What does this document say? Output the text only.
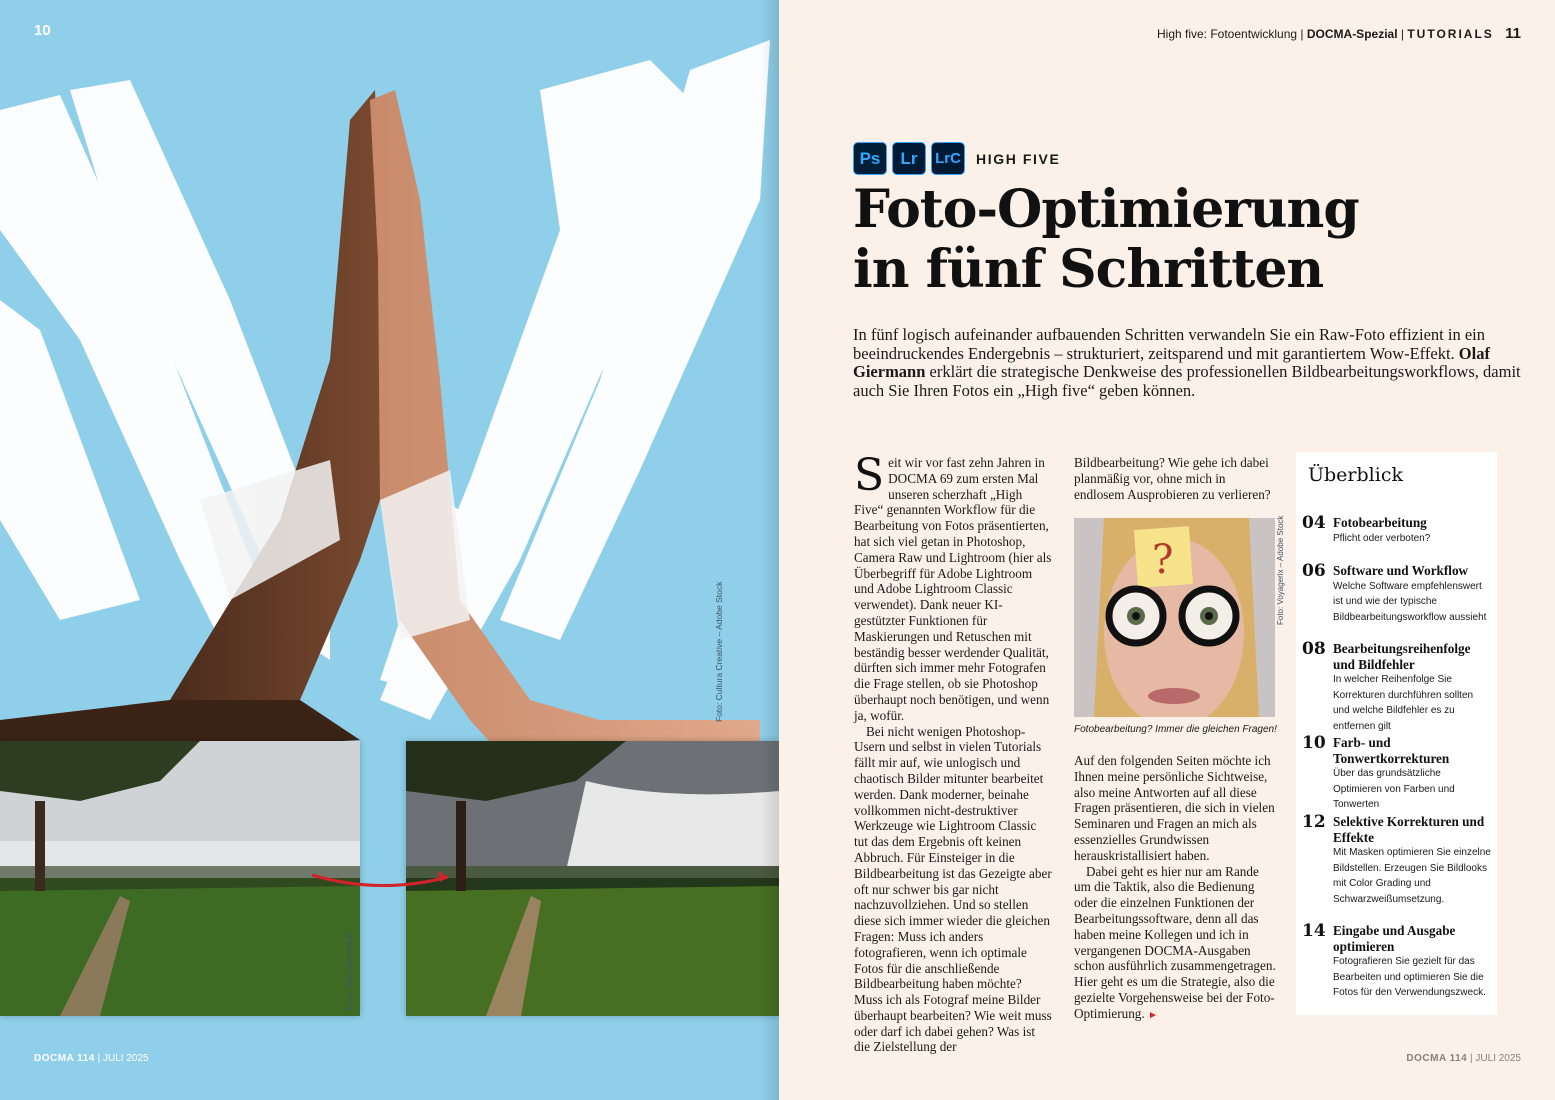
10
Foto: Cultura Creative – Adobe Stock
Foto: Olaf Giermann
DOCMA 114 | JULI 2025
High five: Fotoentwicklung | DOCMA-Spezial | TUTORIALS 11
Ps	Lr	LrC HIGH FIVE
Foto-Optimierung
in fünf Schritten

In fünf logisch aufeinander aufbauenden Schritten verwandeln Sie ein Raw-Foto effizient in ein beeindruckendes Endergebnis – strukturiert, zeitsparend und mit garantiertem Wow-Effekt. Olaf Giermann erklärt die strategische Denkweise des professionellen Bildbearbeitungsworkflows, damit auch Sie Ihren Fotos ein „High five“ geben können.

Seit wir vor fast zehn Jahren in DOCMA 69 zum ersten Mal unseren scherzhaft „High Five“ genannten Workflow für die Bearbeitung von Fotos präsentierten, hat sich viel getan in Photoshop, Camera Raw und Lightroom (hier als Überbegriff für Adobe Lightroom und Adobe Lightroom Classic verwendet). Dank neuer KI-gestützter Funktionen für Maskierungen und Retuschen mit beständig besser werdender Qualität, dürften sich immer mehr Fotografen die Frage stellen, ob sie Photoshop überhaupt noch benötigen, und wenn ja, wofür.

Bei nicht wenigen Photoshop-Usern und selbst in vielen Tutorials fällt mir auf, wie unlogisch und chaotisch Bilder mitunter bearbeitet werden. Dank moderner, beinahe vollkommen nicht-destruktiver Werkzeuge wie Lightroom Classic tut das dem Ergebnis oft keinen Abbruch. Für Einsteiger in die Bildbearbeitung ist das Gezeigte aber oft nur schwer bis gar nicht nachzuvollziehen. Und so stellen diese sich immer wieder die gleichen Fragen: Muss ich anders fotografieren, wenn ich optimale Fotos für die anschließende Bildbearbeitung haben möchte? Muss ich als Fotograf meine Bilder überhaupt bearbeiten? Wie weit muss oder darf ich dabei gehen? Was ist die Zielstellung der

Bildbearbeitung? Wie gehe ich dabei planmäßig vor, ohne mich in endlosem Ausprobieren zu verlieren?

?	Foto: Voyagerix – Adobe Stock
Fotobearbeitung? Immer die gleichen Fragen!

Auf den folgenden Seiten möchte ich Ihnen meine persönliche Sichtweise, also meine Antworten auf all diese Fragen präsentieren, die sich in vielen Seminaren und Fragen an mich als essenzielles Grundwissen herauskristallisiert haben.

Dabei geht es hier nur am Rande um die Taktik, also die Bedienung oder die einzelnen Funktionen der Bearbeitungssoftware, denn all das haben meine Kollegen und ich in vergangenen DOCMA-Ausgaben schon ausführlich zusammengetragen. Hier geht es um die Strategie, also die gezielte Vorgehensweise bei der Foto-Optimierung. ►

Überblick
04 Fotobearbeitung
Pflicht oder verboten?
06 Software und Workflow
Welche Software empfehlenswert ist und wie der typische Bildbearbeitungsworkflow aussieht
08 Bearbeitungsreihenfolge und Bildfehler
In welcher Reihenfolge Sie Korrekturen durchführen sollten und welche Bildfehler es zu entfernen gilt
10 Farb- und Tonwertkorrekturen
Über das grundsätzliche Optimieren von Farben und Tonwerten
12 Selektive Korrekturen und Effekte
Mit Masken optimieren Sie einzelne Bildstellen. Erzeugen Sie Bildlooks mit Color Grading und Schwarzweißumsetzung.
14 Eingabe und Ausgabe optimieren
Fotografieren Sie gezielt für das Bearbeiten und optimieren Sie die Fotos für den Verwendungszweck.
DOCMA 114 | JULI 2025
